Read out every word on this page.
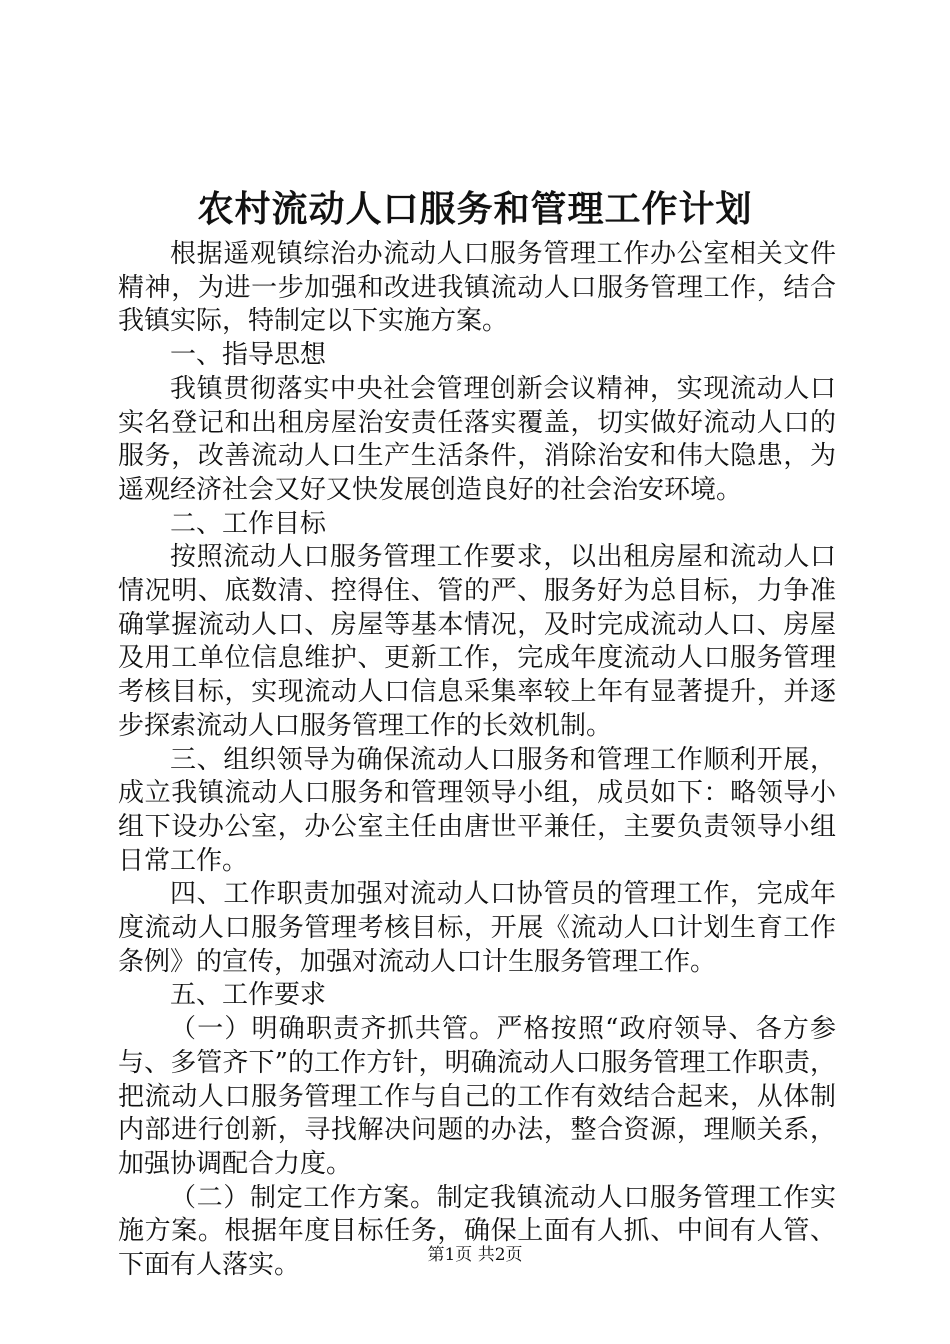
农村流动人口服务和管理工作计划

根据遥观镇综治办流动人口服务管理工作办公室相关文件精神，为进一步加强和改进我镇流动人口服务管理工作，结合我镇实际，特制定以下实施方案。

一、指导思想

我镇贯彻落实中央社会管理创新会议精神，实现流动人口实名登记和出租房屋治安责任落实覆盖，切实做好流动人口的服务，改善流动人口生产生活条件，消除治安和伟大隐患，为遥观经济社会又好又快发展创造良好的社会治安环境。

二、工作目标

按照流动人口服务管理工作要求，以出租房屋和流动人口情况明、底数清、控得住、管的严、服务好为总目标，力争准确掌握流动人口、房屋等基本情况，及时完成流动人口、房屋及用工单位信息维护、更新工作，完成年度流动人口服务管理考核目标，实现流动人口信息采集率较上年有显著提升，并逐步探索流动人口服务管理工作的长效机制。

三、组织领导为确保流动人口服务和管理工作顺利开展，成立我镇流动人口服务和管理领导小组，成员如下：略领导小组下设办公室，办公室主任由唐世平兼任，主要负责领导小组日常工作。

四、工作职责加强对流动人口协管员的管理工作，完成年度流动人口服务管理考核目标，开展《流动人口计划生育工作条例》的宣传，加强对流动人口计生服务管理工作。

五、工作要求

（一）明确职责齐抓共管。严格按照“政府领导、各方参与、多管齐下”的工作方针，明确流动人口服务管理工作职责，把流动人口服务管理工作与自己的工作有效结合起来，从体制内部进行创新，寻找解决问题的办法，整合资源，理顺关系，加强协调配合力度。

（二）制定工作方案。制定我镇流动人口服务管理工作实施方案。根据年度目标任务，确保上面有人抓、中间有人管、下面有人落实。	第1页 共2页
